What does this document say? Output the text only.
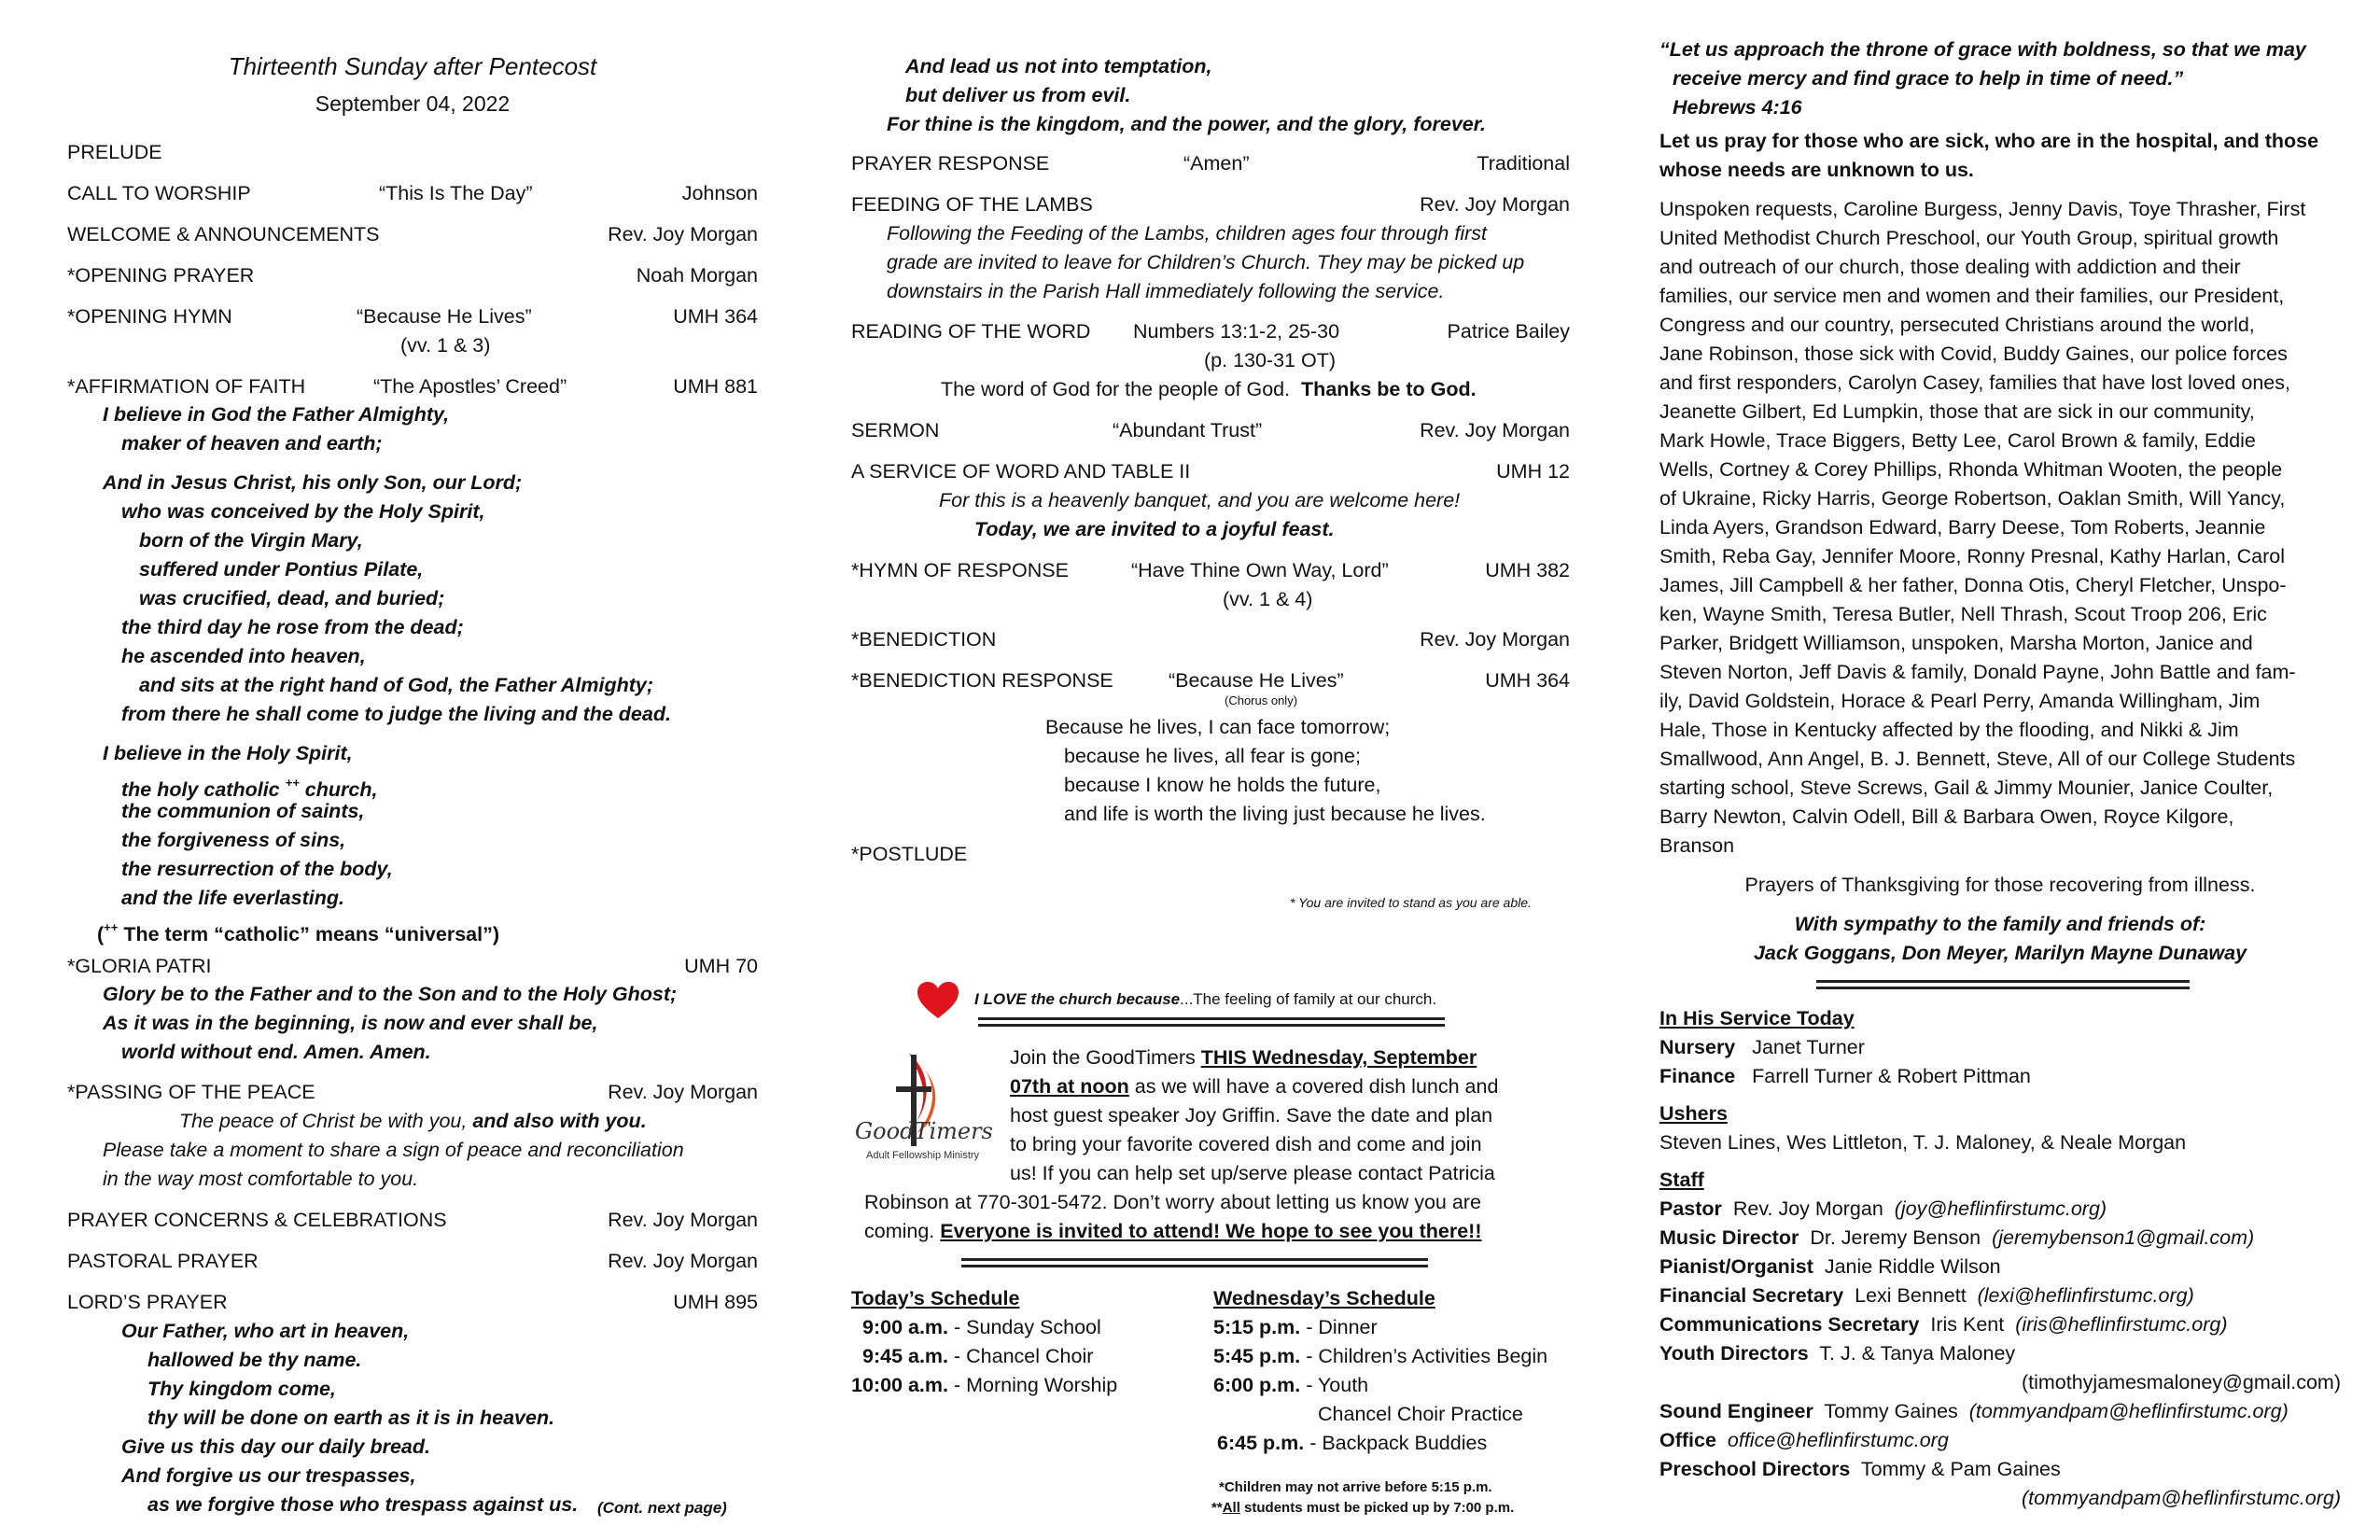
Thirteenth Sunday after Pentecost
September 04, 2022
PRELUDE
CALL TO WORSHIP	“This Is The Day”	Johnson
WELCOME & ANNOUNCEMENTS	Rev. Joy Morgan
*OPENING PRAYER	Noah Morgan
*OPENING HYMN	“Because He Lives”	UMH 364
(vv. 1 & 3)
*AFFIRMATION OF FAITH	“The Apostles’ Creed”	UMH 881
I believe in God the Father Almighty,
maker of heaven and earth;
And in Jesus Christ, his only Son, our Lord;
who was conceived by the Holy Spirit,
born of the Virgin Mary,
suffered under Pontius Pilate,
was crucified, dead, and buried;
the third day he rose from the dead;
he ascended into heaven,
and sits at the right hand of God, the Father Almighty;
from there he shall come to judge the living and the dead.
I believe in the Holy Spirit,
the holy catholic ++ church,
the communion of saints,
the forgiveness of sins,
the resurrection of the body,
and the life everlasting.
(++ The term “catholic” means “universal”)
*GLORIA PATRI	UMH 70
Glory be to the Father and to the Son and to the Holy Ghost;
As it was in the beginning, is now and ever shall be,
world without end. Amen. Amen.
*PASSING OF THE PEACE	Rev. Joy Morgan
The peace of Christ be with you, and also with you.
Please take a moment to share a sign of peace and reconciliation
in the way most comfortable to you.
PRAYER CONCERNS & CELEBRATIONS	Rev. Joy Morgan
PASTORAL PRAYER	Rev. Joy Morgan
LORD’S PRAYER	UMH 895
Our Father, who art in heaven,
hallowed be thy name.
Thy kingdom come,
thy will be done on earth as it is in heaven.
Give us this day our daily bread.
And forgive us our trespasses,
as we forgive those who trespass against us. (Cont. next page)
And lead us not into temptation,
but deliver us from evil.
For thine is the kingdom, and the power, and the glory, forever.
PRAYER RESPONSE	“Amen”	Traditional
FEEDING OF THE LAMBS	Rev. Joy Morgan
Following the Feeding of the Lambs, children ages four through first
grade are invited to leave for Children’s Church. They may be picked up
downstairs in the Parish Hall immediately following the service.
READING OF THE WORD Numbers 13:1-2, 25-30	Patrice Bailey
(p. 130-31 OT)
The word of God for the people of God. Thanks be to God.
SERMON	“Abundant Trust”	Rev. Joy Morgan
A SERVICE OF WORD AND TABLE II	UMH 12
For this is a heavenly banquet, and you are welcome here!
Today, we are invited to a joyful feast.
*HYMN OF RESPONSE	“Have Thine Own Way, Lord”	UMH 382
(vv. 1 & 4)
*BENEDICTION	Rev. Joy Morgan
*BENEDICTION RESPONSE	“Because He Lives”	UMH 364
(Chorus only)
Because he lives, I can face tomorrow;
because he lives, all fear is gone;
because I know he holds the future,
and life is worth the living just because he lives.
*POSTLUDE
* You are invited to stand as you are able.
I LOVE the church because...The feeling of family at our church.
GoodTimers
Adult Fellowship Ministry
Join the GoodTimers THIS Wednesday, September
07th at noon as we will have a covered dish lunch and
host guest speaker Joy Griffin. Save the date and plan
to bring your favorite covered dish and come and join
us! If you can help set up/serve please contact Patricia
Robinson at 770-301-5472. Don’t worry about letting us know you are
coming. Everyone is invited to attend! We hope to see you there!!
Today’s Schedule
9:00 a.m. - Sunday School
9:45 a.m. - Chancel Choir
10:00 a.m. - Morning Worship
Wednesday’s Schedule
5:15 p.m. - Dinner
5:45 p.m. - Children’s Activities Begin
6:00 p.m. - Youth
Chancel Choir Practice
6:45 p.m. - Backpack Buddies
*Children may not arrive before 5:15 p.m.
**All students must be picked up by 7:00 p.m.
“Let us approach the throne of grace with boldness, so that we may
receive mercy and find grace to help in time of need.”
Hebrews 4:16
Let us pray for those who are sick, who are in the hospital, and those
whose needs are unknown to us.
Unspoken requests, Caroline Burgess, Jenny Davis, Toye Thrasher, First
United Methodist Church Preschool, our Youth Group, spiritual growth
and outreach of our church, those dealing with addiction and their
families, our service men and women and their families, our President,
Congress and our country, persecuted Christians around the world,
Jane Robinson, those sick with Covid, Buddy Gaines, our police forces
and first responders, Carolyn Casey, families that have lost loved ones,
Jeanette Gilbert, Ed Lumpkin, those that are sick in our community,
Mark Howle, Trace Biggers, Betty Lee, Carol Brown & family, Eddie
Wells, Cortney & Corey Phillips, Rhonda Whitman Wooten, the people
of Ukraine, Ricky Harris, George Robertson, Oaklan Smith, Will Yancy,
Linda Ayers, Grandson Edward, Barry Deese, Tom Roberts, Jeannie
Smith, Reba Gay, Jennifer Moore, Ronny Presnal, Kathy Harlan, Carol
James, Jill Campbell & her father, Donna Otis, Cheryl Fletcher, Unspo-
ken, Wayne Smith, Teresa Butler, Nell Thrash, Scout Troop 206, Eric
Parker, Bridgett Williamson, unspoken, Marsha Morton, Janice and
Steven Norton, Jeff Davis & family, Donald Payne, John Battle and fam-
ily, David Goldstein, Horace & Pearl Perry, Amanda Willingham, Jim
Hale, Those in Kentucky affected by the flooding, and Nikki & Jim
Smallwood, Ann Angel, B. J. Bennett, Steve, All of our College Students
starting school, Steve Screws, Gail & Jimmy Mounier, Janice Coulter,
Barry Newton, Calvin Odell, Bill & Barbara Owen, Royce Kilgore,
Branson
Prayers of Thanksgiving for those recovering from illness.
With sympathy to the family and friends of:
Jack Goggans, Don Meyer, Marilyn Mayne Dunaway
In His Service Today
Nursery Janet Turner
Finance Farrell Turner & Robert Pittman
Ushers
Steven Lines, Wes Littleton, T. J. Maloney, & Neale Morgan
Staff
Pastor Rev. Joy Morgan (joy@heflinfirstumc.org)
Music Director Dr. Jeremy Benson (jeremybenson1@gmail.com)
Pianist/Organist Janie Riddle Wilson
Financial Secretary Lexi Bennett (lexi@heflinfirstumc.org)
Communications Secretary Iris Kent (iris@heflinfirstumc.org)
Youth Directors T. J. & Tanya Maloney
(timothyjamesmaloney@gmail.com)
Sound Engineer Tommy Gaines (tommyandpam@heflinfirstumc.org)
Office office@heflinfirstumc.org
Preschool Directors Tommy & Pam Gaines
(tommyandpam@heflinfirstumc.org)
